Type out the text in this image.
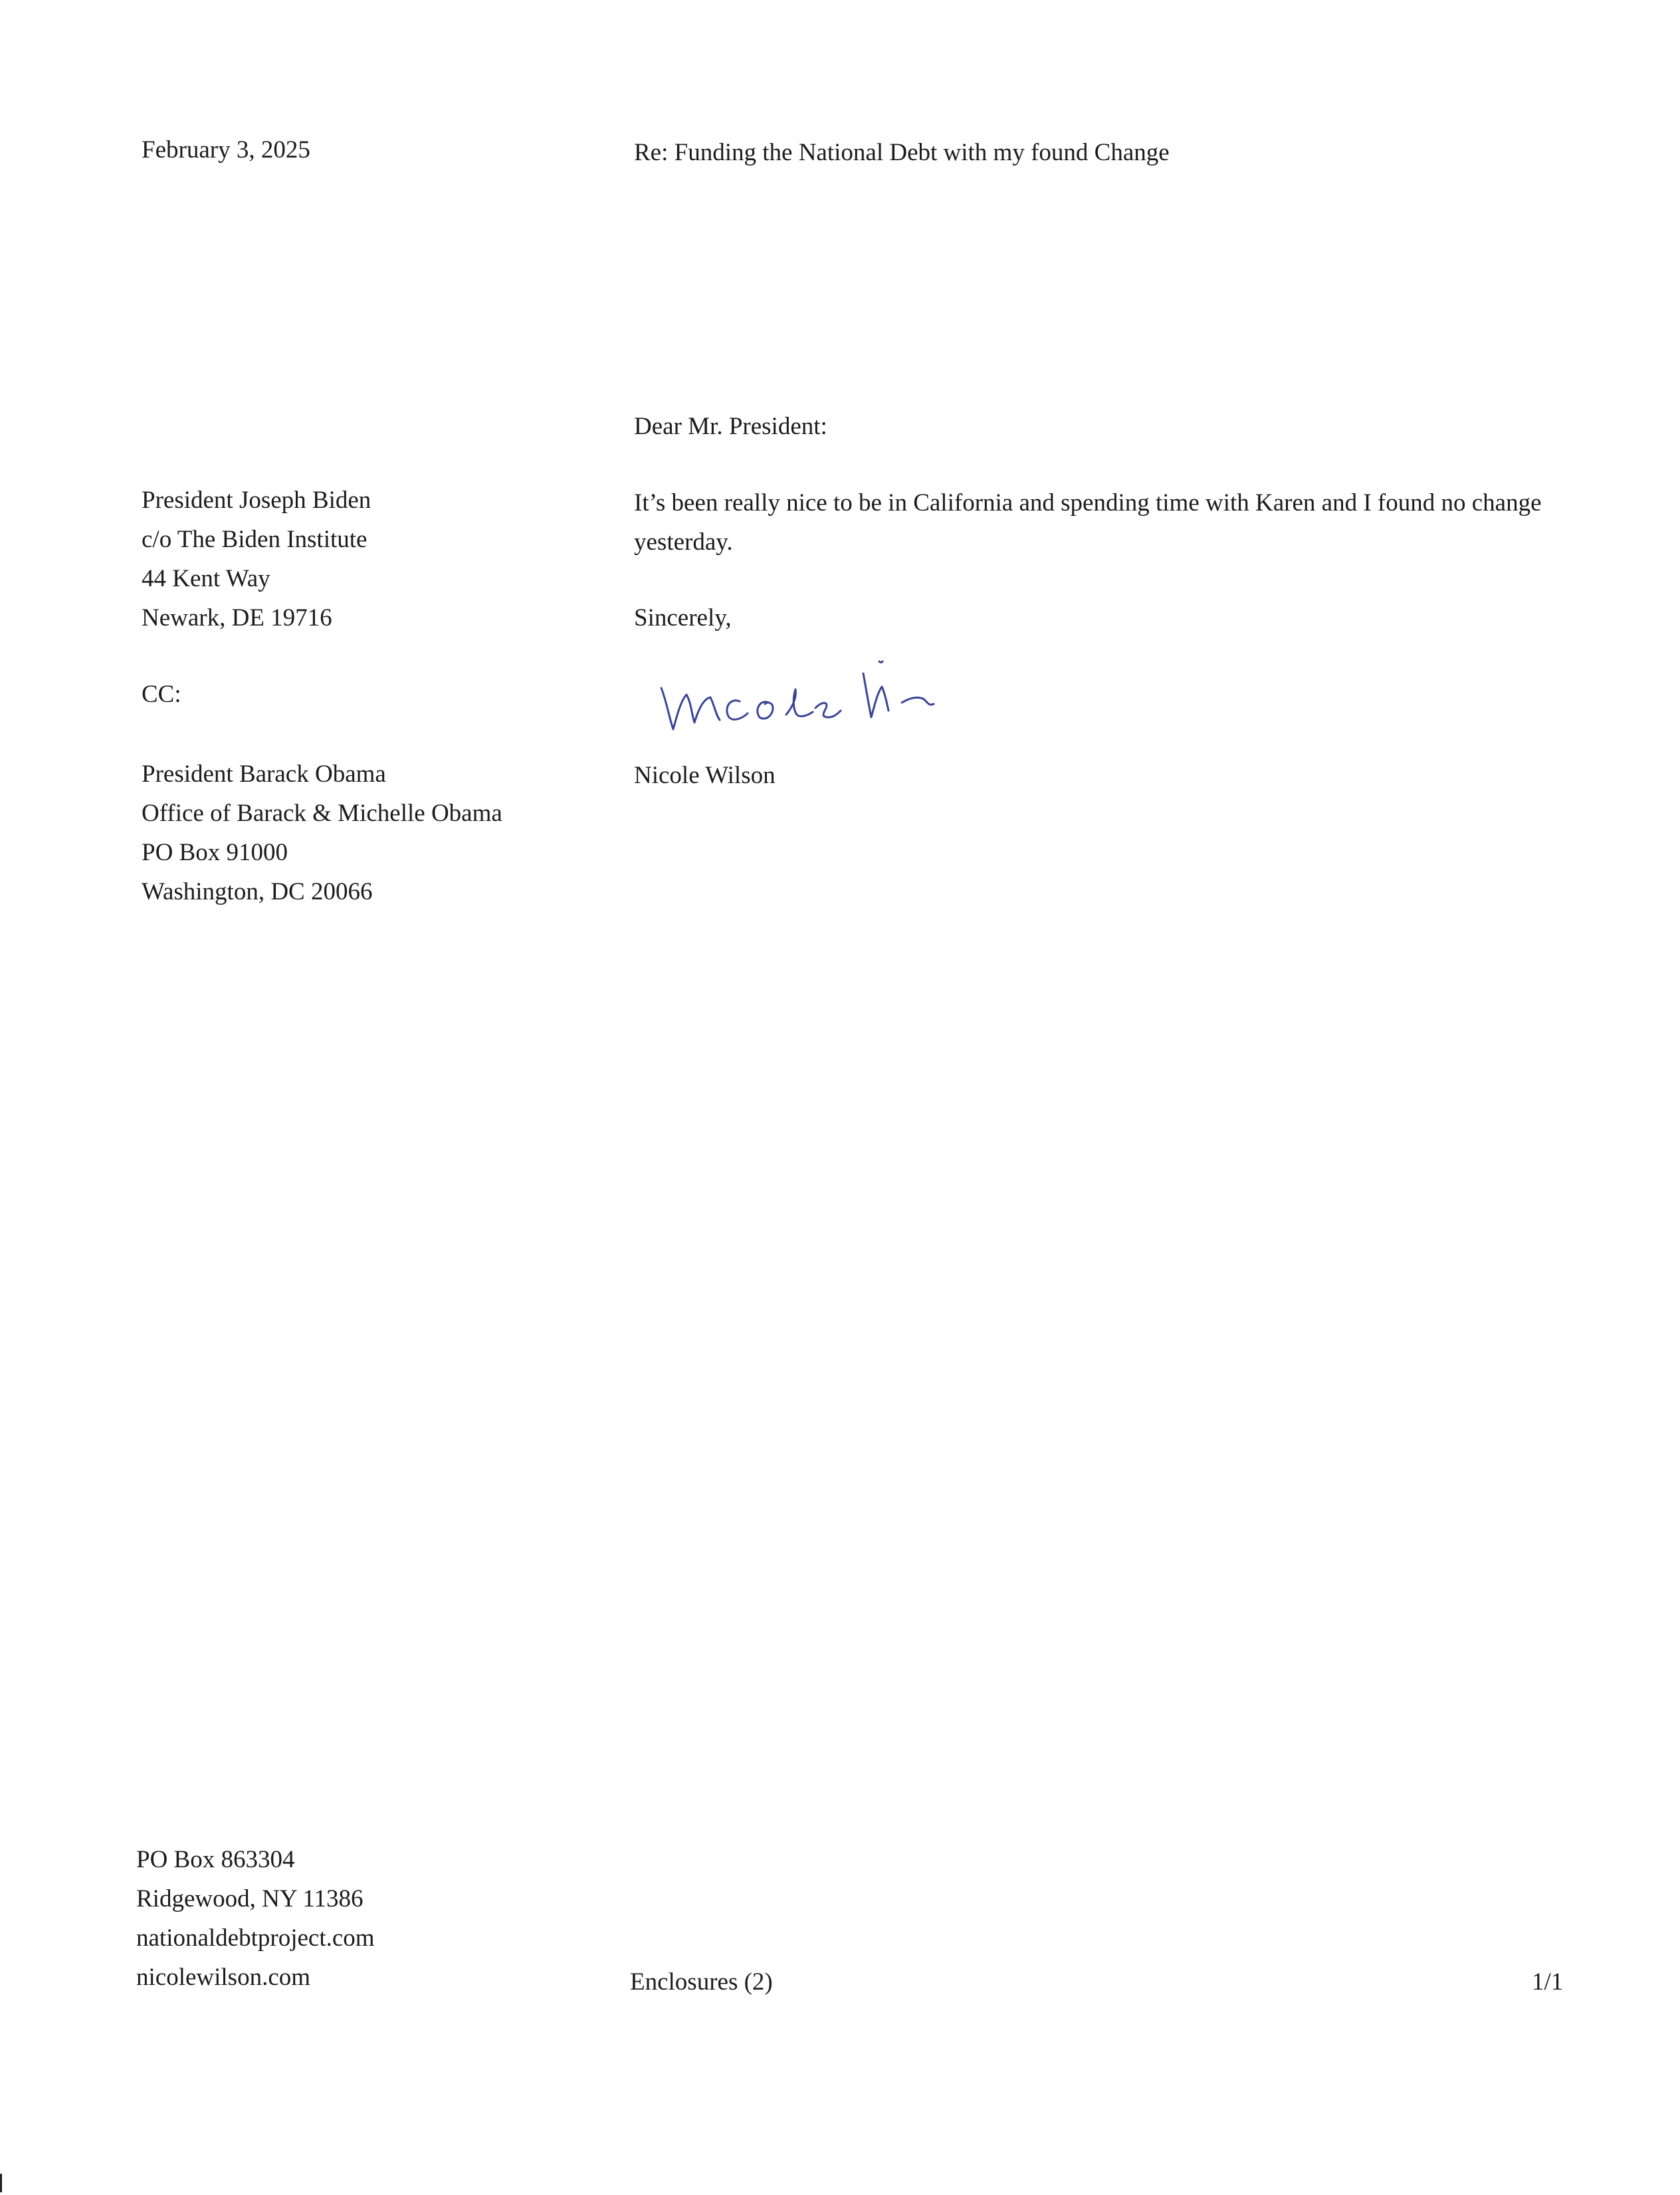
February 3, 2025	Re: Funding the National Debt with my found Change
Dear Mr. President:
President Joseph Biden
c/o The Biden Institute
44 Kent Way
Newark, DE 19716
It’s been really nice to be in California and spending time with Karen and I found no change yesterday.
Sincerely,
CC:
Nicole Wilson
President Barack Obama
Office of Barack & Michelle Obama
PO Box 91000
Washington, DC 20066
PO Box 863304
Ridgewood, NY 11386
nationaldebtproject.com
nicolewilson.com	Enclosures (2)	1/1
